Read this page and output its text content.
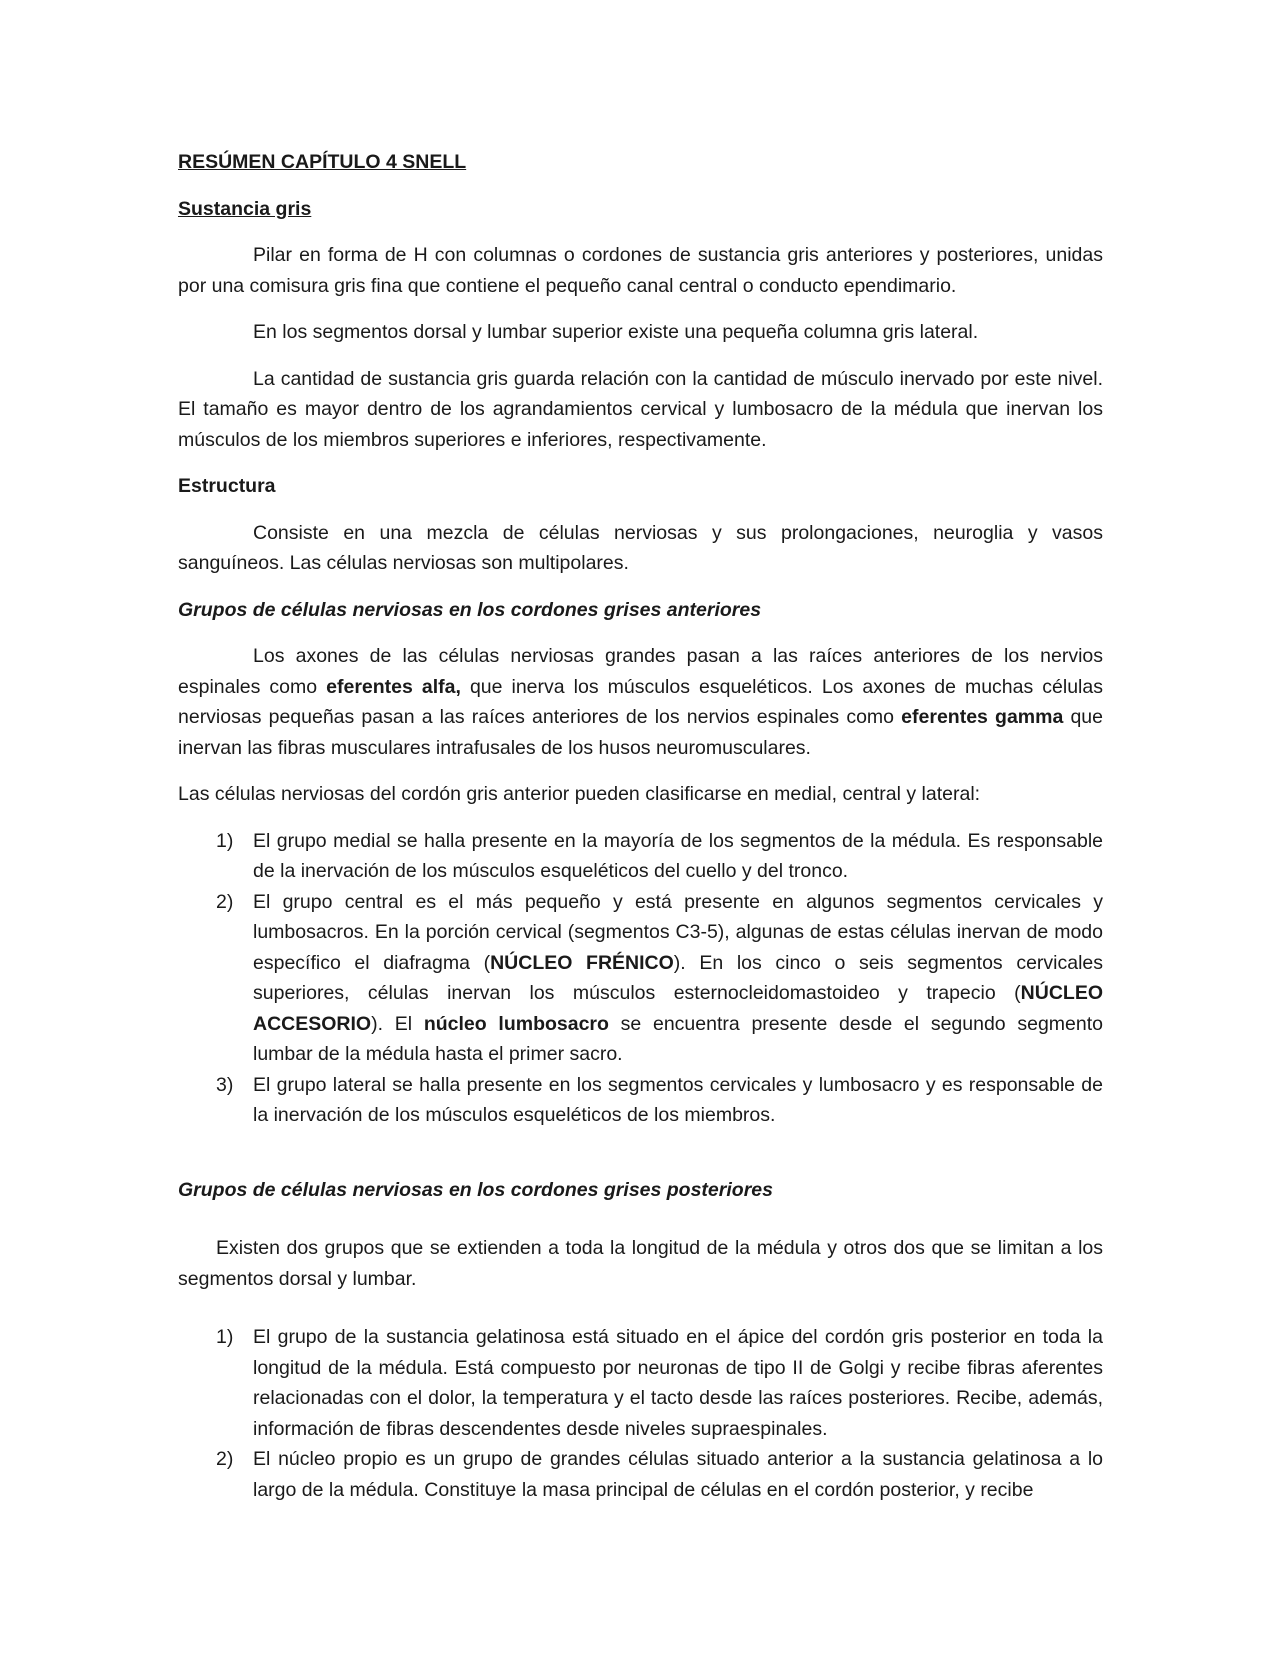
RESÚMEN CAPÍTULO 4 SNELL
Sustancia gris

Pilar en forma de H con columnas o cordones de sustancia gris anteriores y posteriores, unidas por una comisura gris fina que contiene el pequeño canal central o conducto ependimario.

En los segmentos dorsal y lumbar superior existe una pequeña columna gris lateral.

La cantidad de sustancia gris guarda relación con la cantidad de músculo inervado por este nivel. El tamaño es mayor dentro de los agrandamientos cervical y lumbosacro de la médula que inervan los músculos de los miembros superiores e inferiores, respectivamente.

Estructura

Consiste en una mezcla de células nerviosas y sus prolongaciones, neuroglia y vasos sanguíneos. Las células nerviosas son multipolares.

Grupos de células nerviosas en los cordones grises anteriores

Los axones de las células nerviosas grandes pasan a las raíces anteriores de los nervios espinales como eferentes alfa, que inerva los músculos esqueléticos. Los axones de muchas células nerviosas pequeñas pasan a las raíces anteriores de los nervios espinales como eferentes gamma que inervan las fibras musculares intrafusales de los husos neuromusculares.

Las células nerviosas del cordón gris anterior pueden clasificarse en medial, central y lateral:

1) El grupo medial se halla presente en la mayoría de los segmentos de la médula. Es responsable de la inervación de los músculos esqueléticos del cuello y del tronco.
2) El grupo central es el más pequeño y está presente en algunos segmentos cervicales y lumbosacros. En la porción cervical (segmentos C3-5), algunas de estas células inervan de modo específico el diafragma (NÚCLEO FRÉNICO). En los cinco o seis segmentos cervicales superiores, células inervan los músculos esternocleidomastoideo y trapecio (NÚCLEO ACCESORIO). El núcleo lumbosacro se encuentra presente desde el segundo segmento lumbar de la médula hasta el primer sacro.
3) El grupo lateral se halla presente en los segmentos cervicales y lumbosacro y es responsable de la inervación de los músculos esqueléticos de los miembros.
Grupos de células nerviosas en los cordones grises posteriores

Existen dos grupos que se extienden a toda la longitud de la médula y otros dos que se limitan a los segmentos dorsal y lumbar.

1) El grupo de la sustancia gelatinosa está situado en el ápice del cordón gris posterior en toda la longitud de la médula. Está compuesto por neuronas de tipo II de Golgi y recibe fibras aferentes relacionadas con el dolor, la temperatura y el tacto desde las raíces posteriores. Recibe, además, información de fibras descendentes desde niveles supraespinales.
2) El núcleo propio es un grupo de grandes células situado anterior a la sustancia gelatinosa a lo largo de la médula. Constituye la masa principal de células en el cordón posterior, y recibe
